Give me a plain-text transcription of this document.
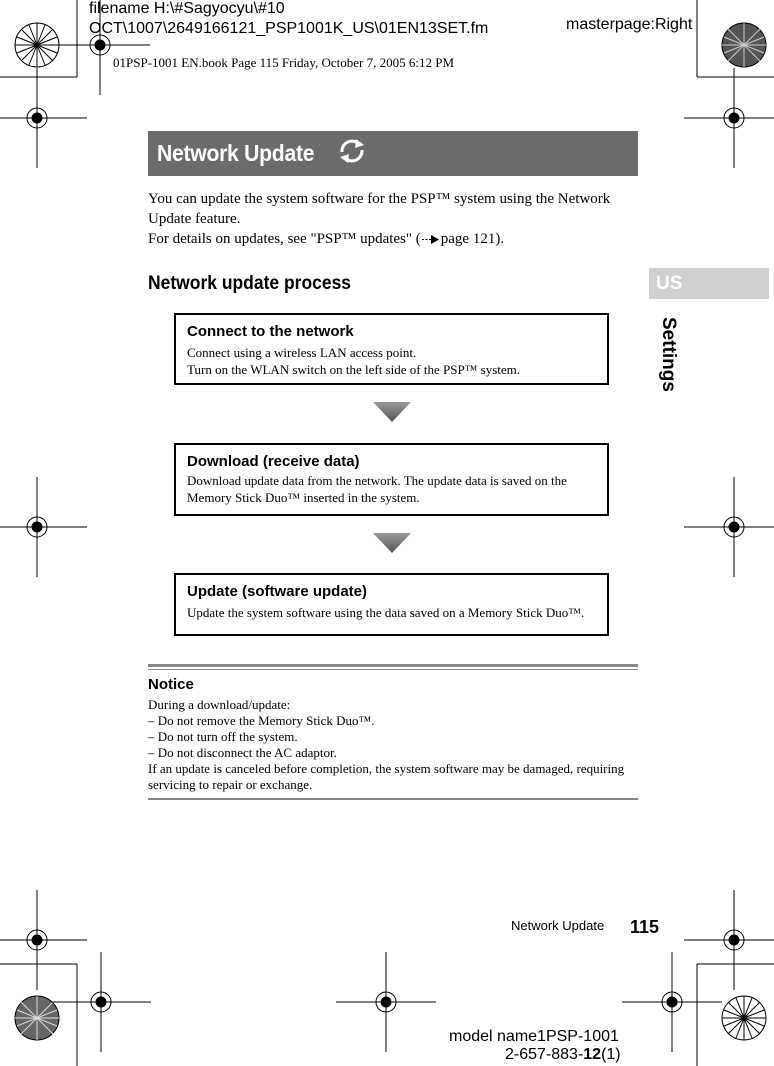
filename H:\#Sagyocyu\#10
OCT\1007\2649166121_PSP1001K_US\01EN13SET.fm	masterpage:Right
01PSP-1001 EN.book Page 115 Friday, October 7, 2005 6:12 PM
Network Update
You can update the system software for the PSP™ system using the Network
Update feature.
For details on updates, see "PSP™ updates" ( page 121).
Network update process
Connect to the network
Connect using a wireless LAN access point.
Turn on the WLAN switch on the left side of the PSP™ system.
Download (receive data)
Download update data from the network. The update data is saved on the
Memory Stick Duo™ inserted in the system.
Update (software update)
Update the system software using the data saved on a Memory Stick Duo™.
Notice
During a download/update:
– Do not remove the Memory Stick Duo™.
– Do not turn off the system.
– Do not disconnect the AC adaptor.
If an update is canceled before completion, the system software may be damaged, requiring
servicing to repair or exchange.
US
Settings
Network Update 115
model name1PSP-1001
2-657-883-12(1)
